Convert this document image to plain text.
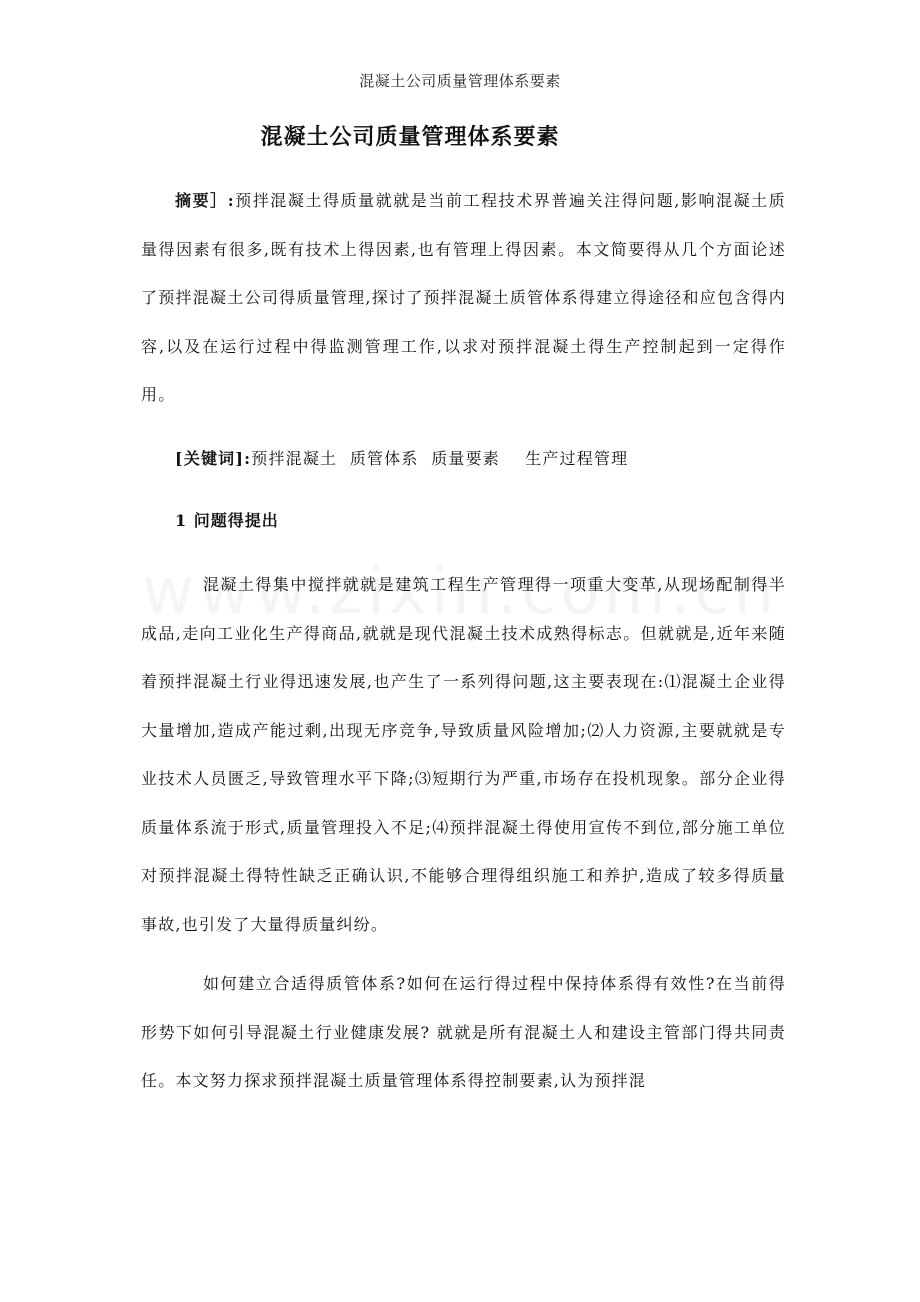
混凝土公司质量管理体系要素
混凝土公司质量管理体系要素
摘要］:预拌混凝土得质量就就是当前工程技术界普遍关注得问题,影响混凝土质量得因素有很多,既有技术上得因素,也有管理上得因素。本文简要得从几个方面论述了预拌混凝土公司得质量管理,探讨了预拌混凝土质管体系得建立得途径和应包含得内容,以及在运行过程中得监测管理工作,以求对预拌混凝土得生产控制起到一定得作用。
[关键词]:预拌混凝土  质管体系  质量要素    生产过程管理
1 问题得提出
混凝土得集中搅拌就就是建筑工程生产管理得一项重大变革,从现场配制得半成品,走向工业化生产得商品,就就是现代混凝土技术成熟得标志。但就就是,近年来随着预拌混凝土行业得迅速发展,也产生了一系列得问题,这主要表现在:⑴混凝土企业得大量增加,造成产能过剩,出现无序竞争,导致质量风险增加;⑵人力资源,主要就就是专业技术人员匮乏,导致管理水平下降;⑶短期行为严重,市场存在投机现象。部分企业得质量体系流于形式,质量管理投入不足;⑷预拌混凝土得使用宣传不到位,部分施工单位对预拌混凝土得特性缺乏正确认识,不能够合理得组织施工和养护,造成了较多得质量事故,也引发了大量得质量纠纷。
如何建立合适得质管体系?如何在运行得过程中保持体系得有效性?在当前得形势下如何引导混凝土行业健康发展? 就就是所有混凝土人和建设主管部门得共同责任。本文努力探求预拌混凝土质量管理体系得控制要素,认为预拌混
